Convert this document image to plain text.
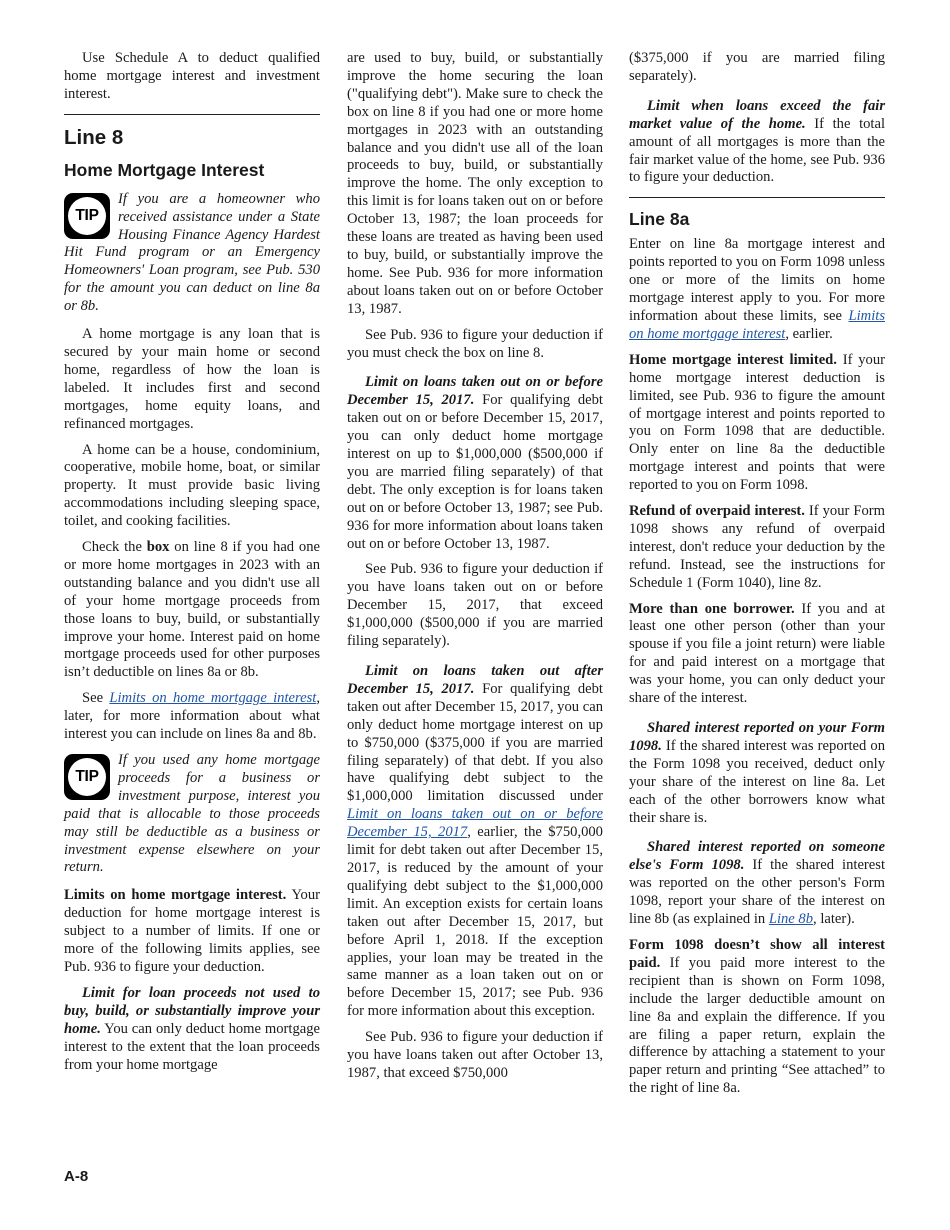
Use Schedule A to deduct qualified home mortgage interest and investment interest.

Line 8
Home Mortgage Interest
TIP
If you are a homeowner who received assistance under a State Housing Finance Agency Hardest Hit Fund program or an Emergency Homeowners' Loan program, see Pub. 530 for the amount you can deduct on line 8a or 8b.

A home mortgage is any loan that is secured by your main home or second home, regardless of how the loan is labeled. It includes first and second mortgages, home equity loans, and refinanced mortgages.

A home can be a house, condominium, cooperative, mobile home, boat, or similar property. It must provide basic living accommodations including sleeping space, toilet, and cooking facilities.

Check the box on line 8 if you had one or more home mortgages in 2023 with an outstanding balance and you didn't use all of your home mortgage proceeds from those loans to buy, build, or substantially improve your home. Interest paid on home mortgage proceeds used for other purposes isn’t deductible on lines 8a or 8b.

See Limits on home mortgage interest, later, for more information about what interest you can include on lines 8a and 8b.

TIP
If you used any home mortgage proceeds for a business or investment purpose, interest you paid that is allocable to those proceeds may still be deductible as a business or investment expense elsewhere on your return.

Limits on home mortgage interest. Your deduction for home mortgage interest is subject to a number of limits. If one or more of the following limits applies, see Pub. 936 to figure your deduction.

Limit for loan proceeds not used to buy, build, or substantially improve your home. You can only deduct home mortgage interest to the extent that the loan proceeds from your home mortgage

are used to buy, build, or substantially improve the home securing the loan ("qualifying debt"). Make sure to check the box on line 8 if you had one or more home mortgages in 2023 with an outstanding balance and you didn't use all of the loan proceeds to buy, build, or substantially improve the home. The only exception to this limit is for loans taken out on or before October 13, 1987; the loan proceeds for these loans are treated as having been used to buy, build, or substantially improve the home. See Pub. 936 for more information about loans taken out on or before October 13, 1987.

See Pub. 936 to figure your deduction if you must check the box on line 8.

Limit on loans taken out on or before December 15, 2017. For qualifying debt taken out on or before December 15, 2017, you can only deduct home mortgage interest on up to $1,000,000 ($500,000 if you are married filing separately) of that debt. The only exception is for loans taken out on or before October 13, 1987; see Pub. 936 for more information about loans taken out on or before October 13, 1987.

See Pub. 936 to figure your deduction if you have loans taken out on or before December 15, 2017, that exceed $1,000,000 ($500,000 if you are married filing separately).

Limit on loans taken out after December 15, 2017. For qualifying debt taken out after December 15, 2017, you can only deduct home mortgage interest on up to $750,000 ($375,000 if you are married filing separately) of that debt. If you also have qualifying debt subject to the $1,000,000 limitation discussed under Limit on loans taken out on or before December 15, 2017, earlier, the $750,000 limit for debt taken out after December 15, 2017, is reduced by the amount of your qualifying debt subject to the $1,000,000 limit. An exception exists for certain loans taken out after December 15, 2017, but before April 1, 2018. If the exception applies, your loan may be treated in the same manner as a loan taken out on or before December 15, 2017; see Pub. 936 for more information about this exception.

See Pub. 936 to figure your deduction if you have loans taken out after October 13, 1987, that exceed $750,000

($375,000 if you are married filing separately).

Limit when loans exceed the fair market value of the home. If the total amount of all mortgages is more than the fair market value of the home, see Pub. 936 to figure your deduction.

Line 8a

Enter on line 8a mortgage interest and points reported to you on Form 1098 unless one or more of the limits on home mortgage interest apply to you. For more information about these limits, see Limits on home mortgage interest, earlier.

Home mortgage interest limited. If your home mortgage interest deduction is limited, see Pub. 936 to figure the amount of mortgage interest and points reported to you on Form 1098 that are deductible. Only enter on line 8a the deductible mortgage interest and points that were reported to you on Form 1098.

Refund of overpaid interest. If your Form 1098 shows any refund of overpaid interest, don't reduce your deduction by the refund. Instead, see the instructions for Schedule 1 (Form 1040), line 8z.

More than one borrower. If you and at least one other person (other than your spouse if you file a joint return) were liable for and paid interest on a mortgage that was your home, you can only deduct your share of the interest.

Shared interest reported on your Form 1098. If the shared interest was reported on the Form 1098 you received, deduct only your share of the interest on line 8a. Let each of the other borrowers know what their share is.

Shared interest reported on someone else's Form 1098. If the shared interest was reported on the other person's Form 1098, report your share of the interest on line 8b (as explained in Line 8b, later).

Form 1098 doesn’t show all interest paid. If you paid more interest to the recipient than is shown on Form 1098, include the larger deductible amount on line 8a and explain the difference. If you are filing a paper return, explain the difference by attaching a statement to your paper return and printing “See attached” to the right of line 8a.

A-8
